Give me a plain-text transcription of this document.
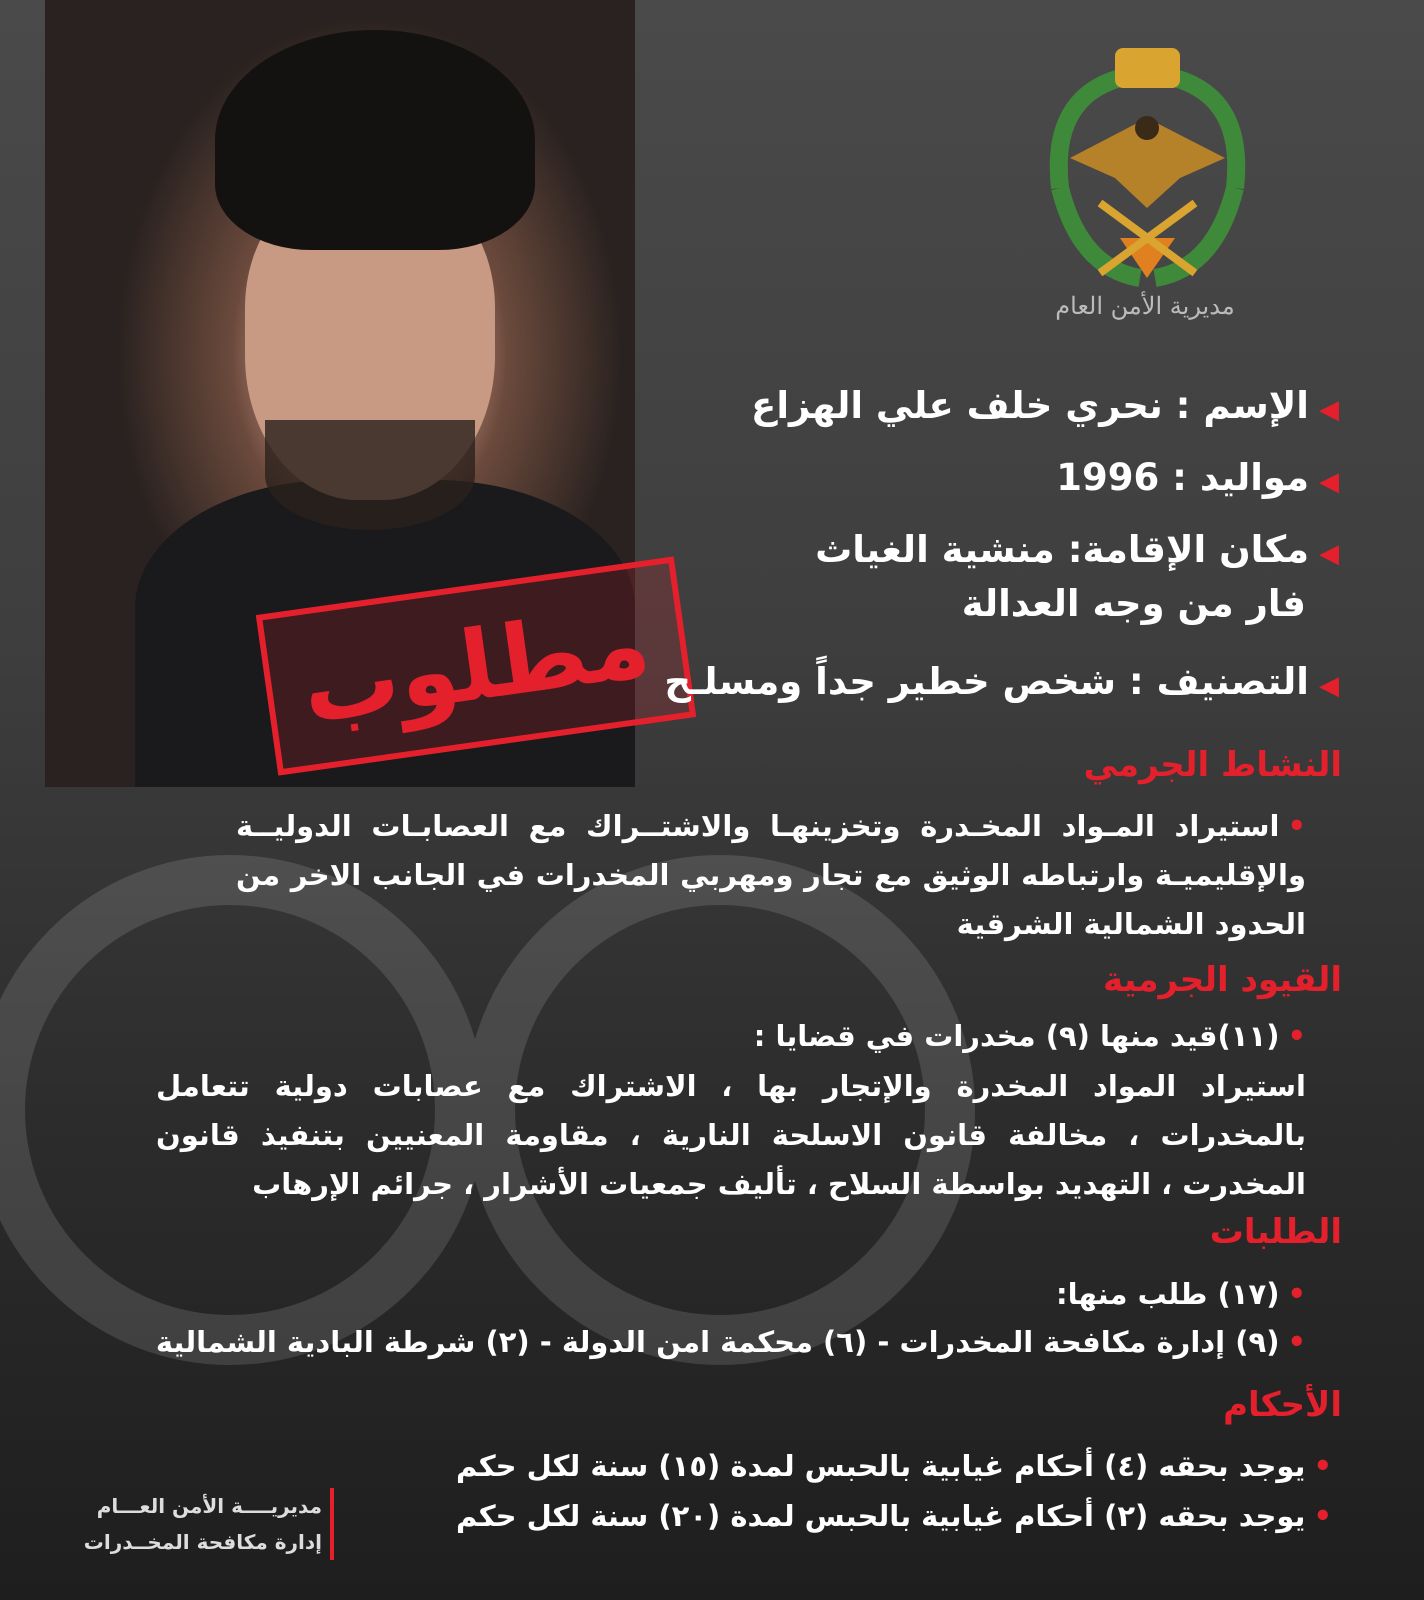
مطلوب
مديرية الأمن العام
◀الإسم : نحري خلف علي الهزاع
◀مواليد : 1996
◀مكان الإقامة: منشية الغياث
فار من وجه العدالة
◀التصنيف : شخص خطير جداً ومسلـح
النشاط الجرمي
•استيراد المـواد المخـدرة وتخزينهـا والاشتــراك مع العصابـات الدوليــة والإقليميـة وارتباطه الوثيق مع تجار ومهربي المخدرات في الجانب الاخر من الحدود الشمالية الشرقية
القيود الجرمية
•(١١)قيد منها (٩) مخدرات في قضايا :
استيراد المواد المخدرة والإتجار بها ، الاشتراك مع عصابات دولية تتعامل بالمخدرات ، مخالفة قانون الاسلحة النارية ، مقاومة المعنيين بتنفيذ قانون المخدرت ، التهديد بواسطة السلاح ، تأليف جمعيات الأشرار ، جرائم الإرهاب
الطلبات
•(١٧) طلب منها:
•(٩) إدارة مكافحة المخدرات - (٦) محكمة امن الدولة - (٢) شرطة البادية الشمالية
الأحكام
•يوجد بحقه (٤) أحكام غيابية بالحبس لمدة (١٥) سنة لكل حكم
•يوجد بحقه (٢) أحكام غيابية بالحبس لمدة (٢٠) سنة لكل حكم
مديريــــة الأمن العـــام
إدارة مكافحة المخــدرات
